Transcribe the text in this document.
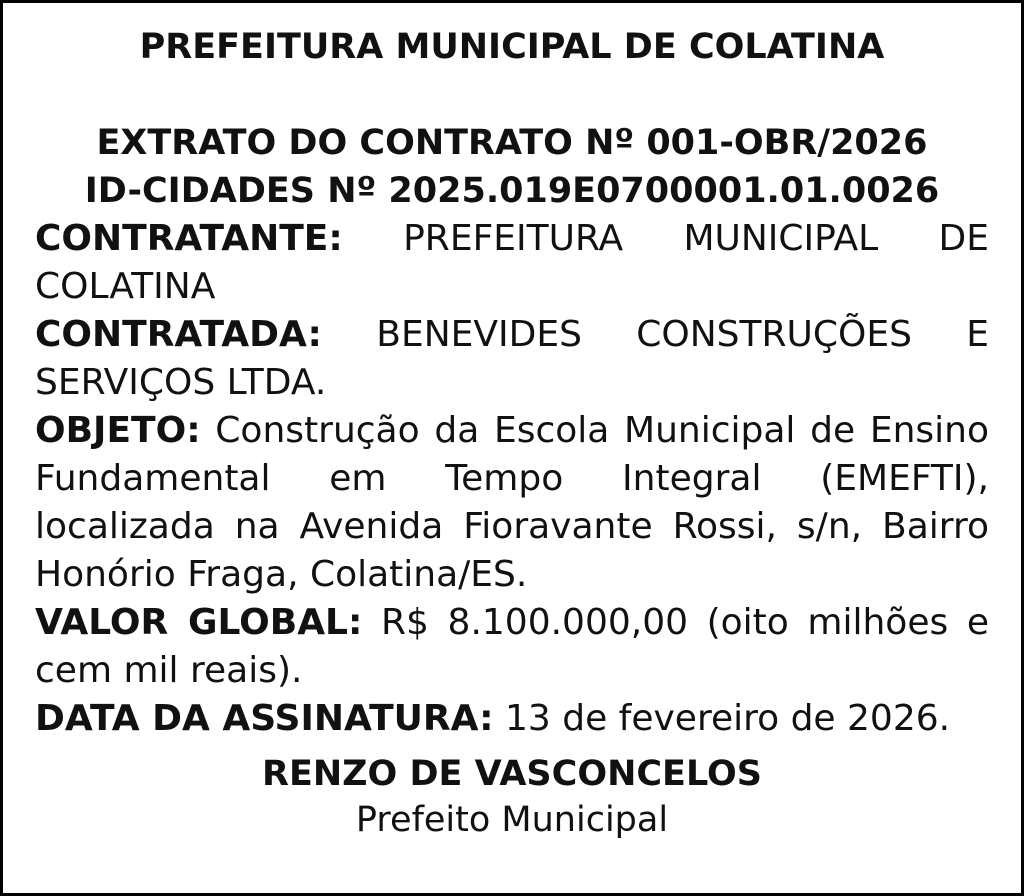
PREFEITURA MUNICIPAL DE COLATINA
EXTRATO DO CONTRATO Nº 001-OBR/2026
ID-CIDADES Nº 2025.019E0700001.01.0026
CONTRATANTE: PREFEITURA MUNICIPAL DE COLATINA
CONTRATADA: BENEVIDES CONSTRUÇÕES E SERVIÇOS LTDA.
OBJETO: Construção da Escola Municipal de Ensino Fundamental em Tempo Integral (EMEFTI), localizada na Avenida Fioravante Rossi, s/n, Bairro Honório Fraga, Colatina/ES.
VALOR GLOBAL: R$ 8.100.000,00 (oito milhões e cem mil reais).
DATA DA ASSINATURA: 13 de fevereiro de 2026.
RENZO DE VASCONCELOS
Prefeito Municipal
